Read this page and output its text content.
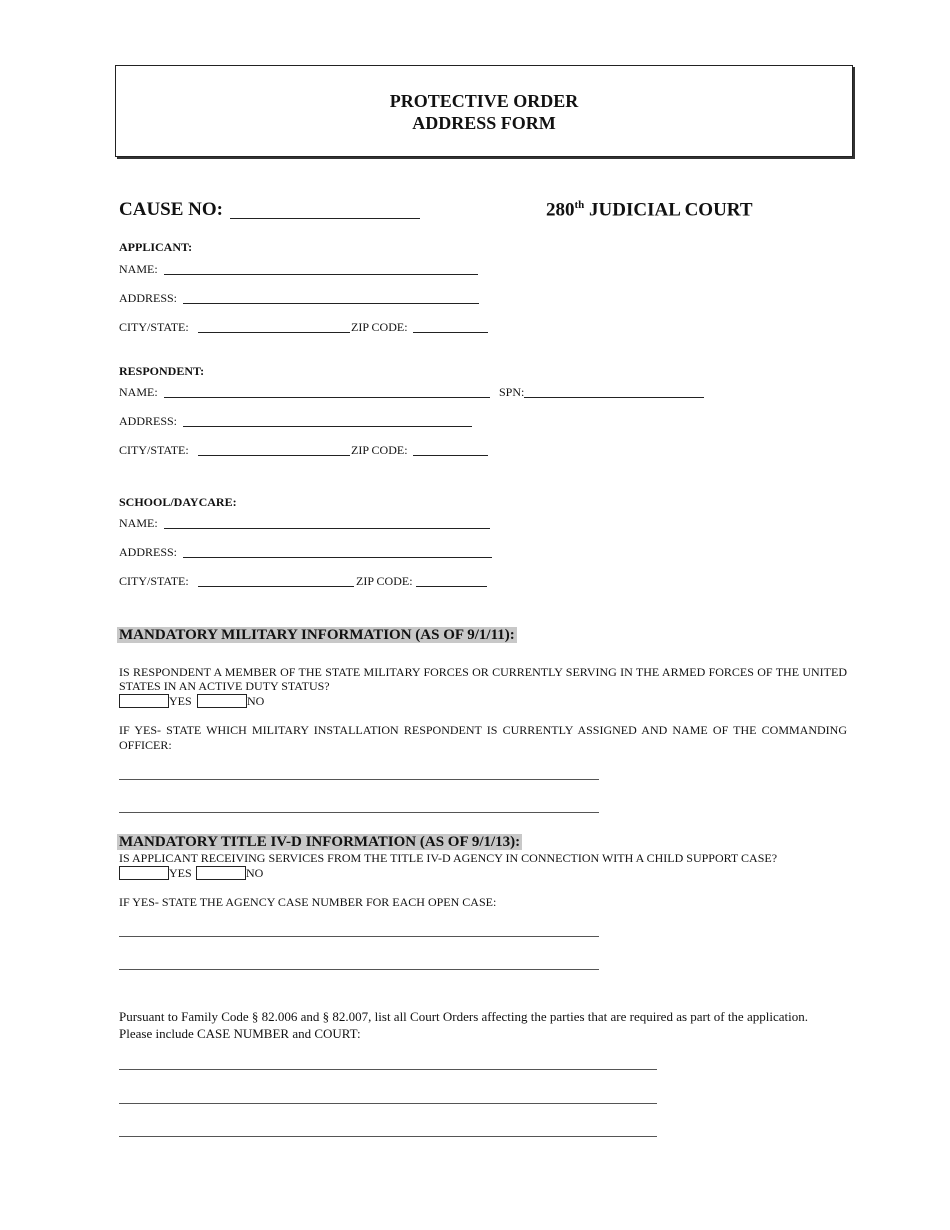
PROTECTIVE ORDER
ADDRESS FORM
CAUSE NO:	280th JUDICIAL COURT
APPLICANT:
NAME:
ADDRESS:
CITY/STATE:	ZIP CODE:
RESPONDENT:
NAME:	SPN:
ADDRESS:
CITY/STATE:	ZIP CODE:
SCHOOL/DAYCARE:
NAME:
ADDRESS:
CITY/STATE:	ZIP CODE:
MANDATORY MILITARY INFORMATION (AS OF 9/1/11):
IS RESPONDENT A MEMBER OF THE STATE MILITARY FORCES OR CURRENTLY SERVING IN THE ARMED FORCES OF THE UNITED STATES IN AN ACTIVE DUTY STATUS?
YES	NO
IF YES- STATE WHICH MILITARY INSTALLATION RESPONDENT IS CURRENTLY ASSIGNED AND NAME OF THE COMMANDING OFFICER:
MANDATORY TITLE IV-D INFORMATION (AS OF 9/1/13):
IS APPLICANT RECEIVING SERVICES FROM THE TITLE IV-D AGENCY IN CONNECTION WITH A CHILD SUPPORT CASE?
YES	NO
IF YES- STATE THE AGENCY CASE NUMBER FOR EACH OPEN CASE:
Pursuant to Family Code § 82.006 and § 82.007, list all Court Orders affecting the parties that are required as part of the application. Please include CASE NUMBER and COURT:
